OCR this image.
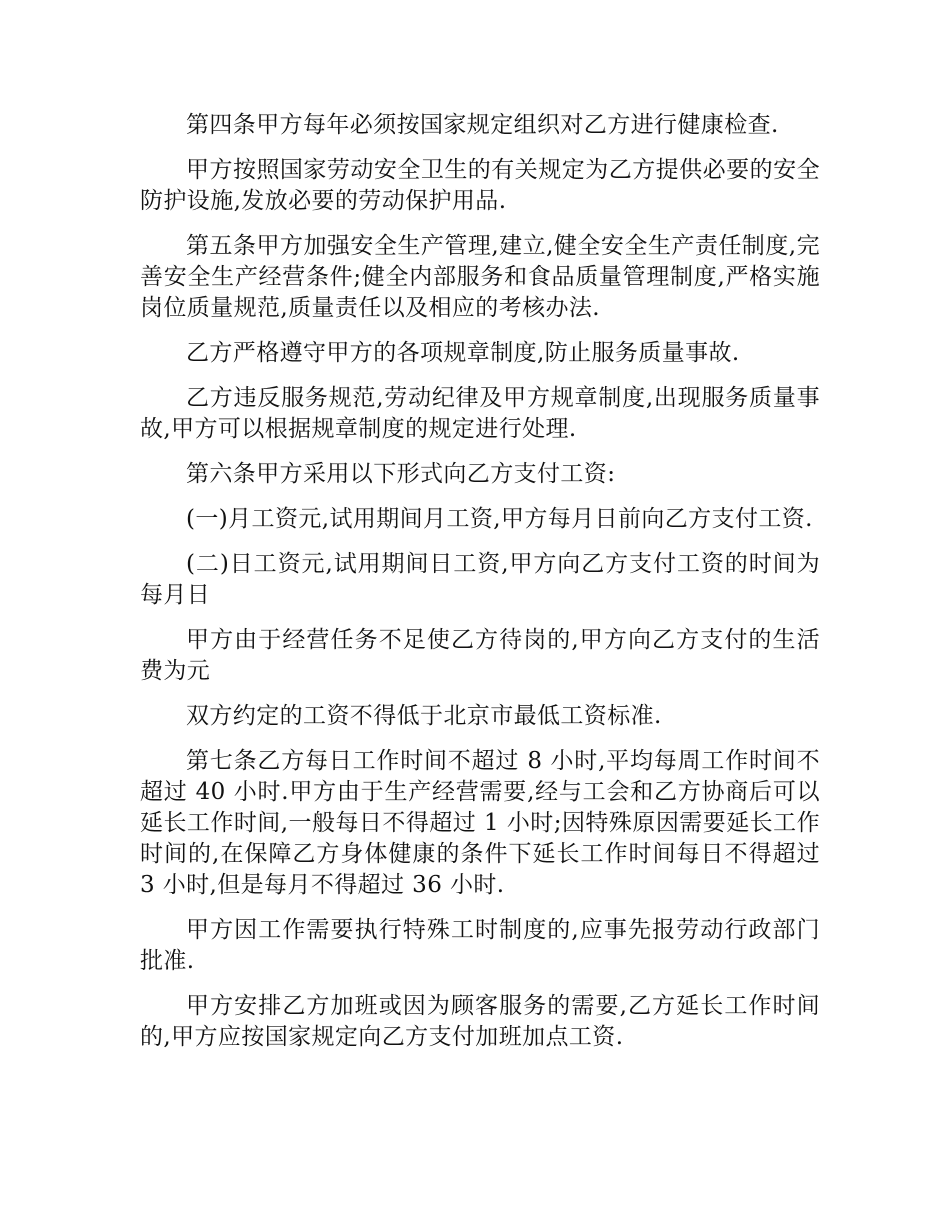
第四条甲方每年必须按国家规定组织对乙方进行健康检查.

甲方按照国家劳动安全卫生的有关规定为乙方提供必要的安全防护设施,发放必要的劳动保护用品.

第五条甲方加强安全生产管理,建立,健全安全生产责任制度,完善安全生产经营条件;健全内部服务和食品质量管理制度,严格实施岗位质量规范,质量责任以及相应的考核办法.

乙方严格遵守甲方的各项规章制度,防止服务质量事故.

乙方违反服务规范,劳动纪律及甲方规章制度,出现服务质量事故,甲方可以根据规章制度的规定进行处理.

第六条甲方采用以下形式向乙方支付工资:

(一)月工资元,试用期间月工资,甲方每月日前向乙方支付工资.

(二)日工资元,试用期间日工资,甲方向乙方支付工资的时间为每月日

甲方由于经营任务不足使乙方待岗的,甲方向乙方支付的生活费为元

双方约定的工资不得低于北京市最低工资标准.

第七条乙方每日工作时间不超过 8 小时,平均每周工作时间不超过 40 小时.甲方由于生产经营需要,经与工会和乙方协商后可以延长工作时间,一般每日不得超过 1 小时;因特殊原因需要延长工作时间的,在保障乙方身体健康的条件下延长工作时间每日不得超过 3 小时,但是每月不得超过 36 小时.

甲方因工作需要执行特殊工时制度的,应事先报劳动行政部门批准.

甲方安排乙方加班或因为顾客服务的需要,乙方延长工作时间的,甲方应按国家规定向乙方支付加班加点工资.
